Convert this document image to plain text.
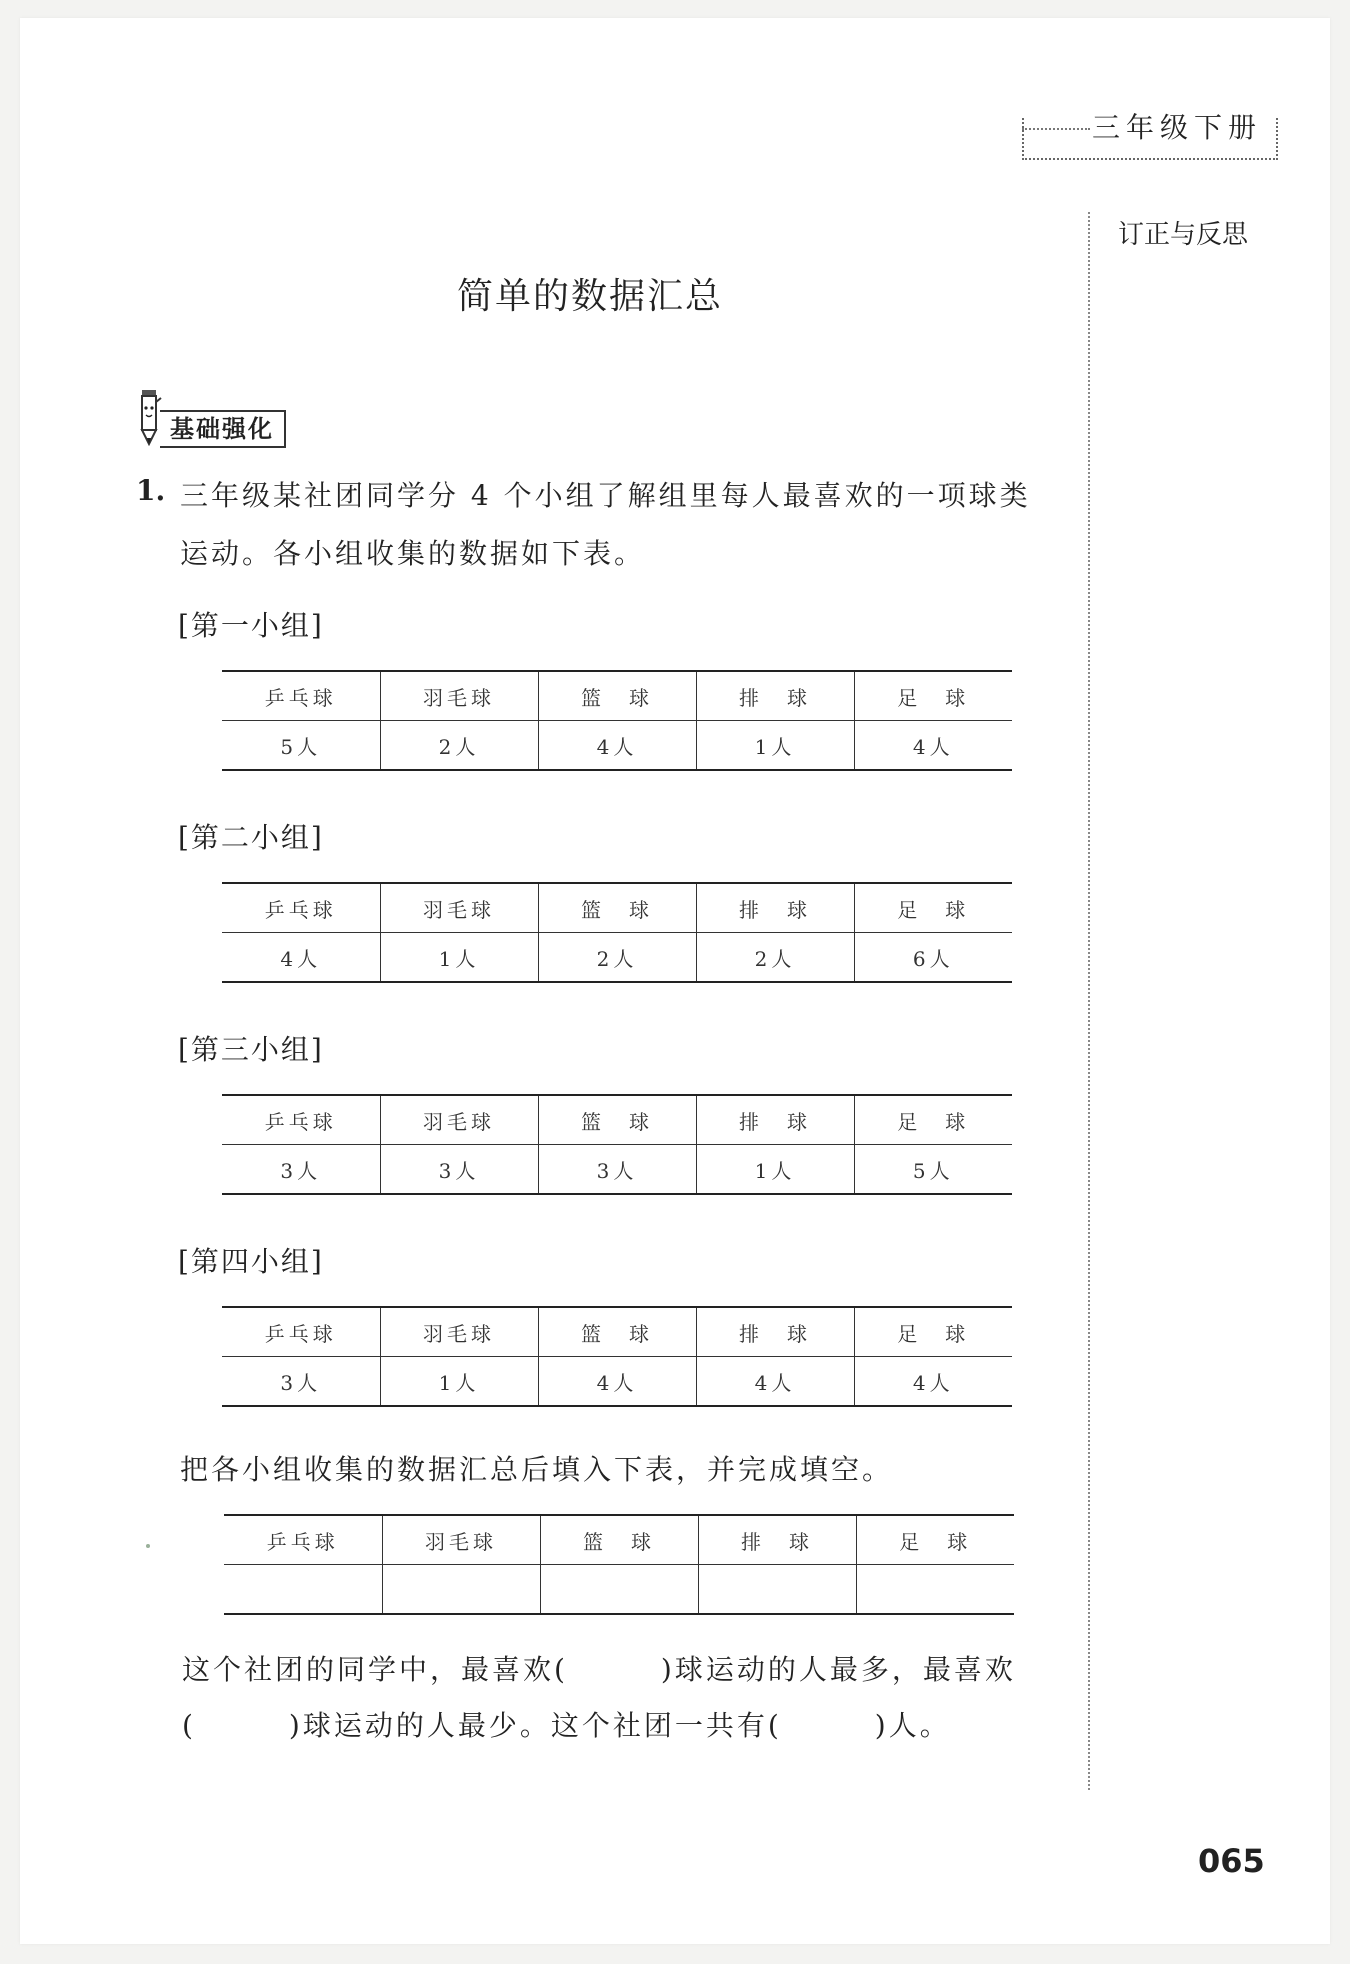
三年级下册
订正与反思
简单的数据汇总
基础强化
1. 三年级某社团同学分 4 个小组了解组里每人最喜欢的一项球类
运动。各小组收集的数据如下表。
[第一小组]
乒乓球	羽毛球	篮　球	排　球	足　球
5人	2人	4人	1人	4人
[第二小组]
乒乓球	羽毛球	篮　球	排　球	足　球
4人	1人	2人	2人	6人
[第三小组]
乒乓球	羽毛球	篮　球	排　球	足　球
3人	3人	3人	1人	5人
[第四小组]
乒乓球	羽毛球	篮　球	排　球	足　球
3人	1人	4人	4人	4人
把各小组收集的数据汇总后填入下表，并完成填空。
乒乓球	羽毛球	篮　球	排　球	足　球

这个社团的同学中，最喜欢(　　　)球运动的人最多，最喜欢
(　　　)球运动的人最少。这个社团一共有(　　　)人。
065
